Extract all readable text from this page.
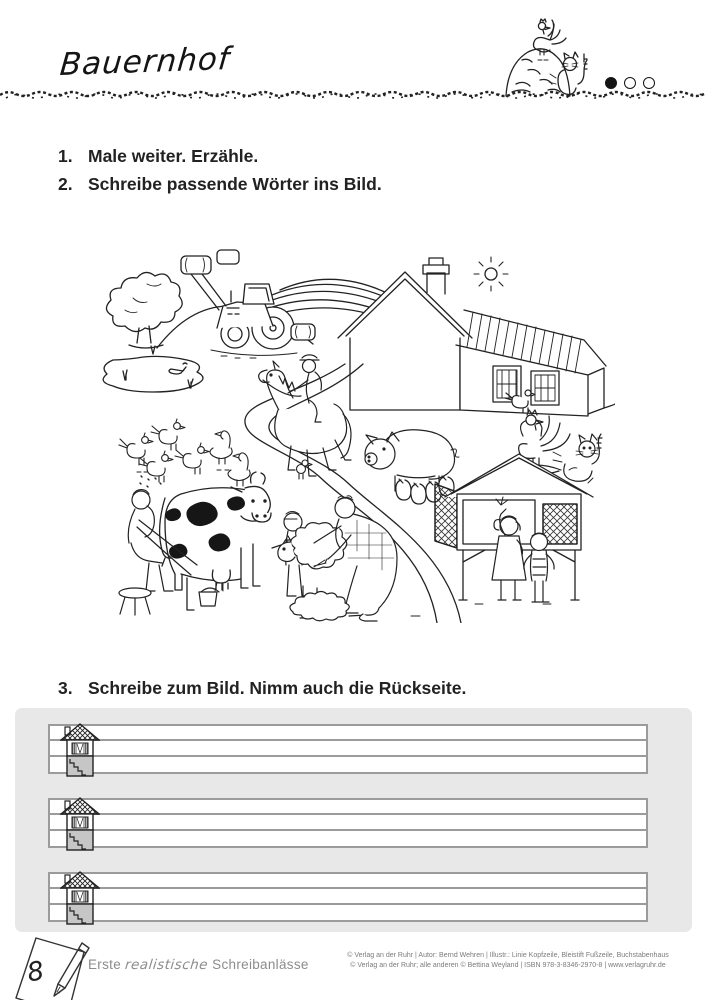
Bauernhof
1. Male weiter. Erzähle.
2. Schreibe passende Wörter ins Bild.
3. Schreibe zum Bild. Nimm auch die Rückseite.
8	Erste realistische Schreibanlässe
© Verlag an der Ruhr | Autor: Bernd Wehren | Illustr.: Linie Kopfzeile, Bleistift Fußzeile, Buchstabenhaus
© Verlag an der Ruhr; alle anderen © Bettina Weyland | ISBN 978-3-8346-2970-8 | www.verlagruhr.de
